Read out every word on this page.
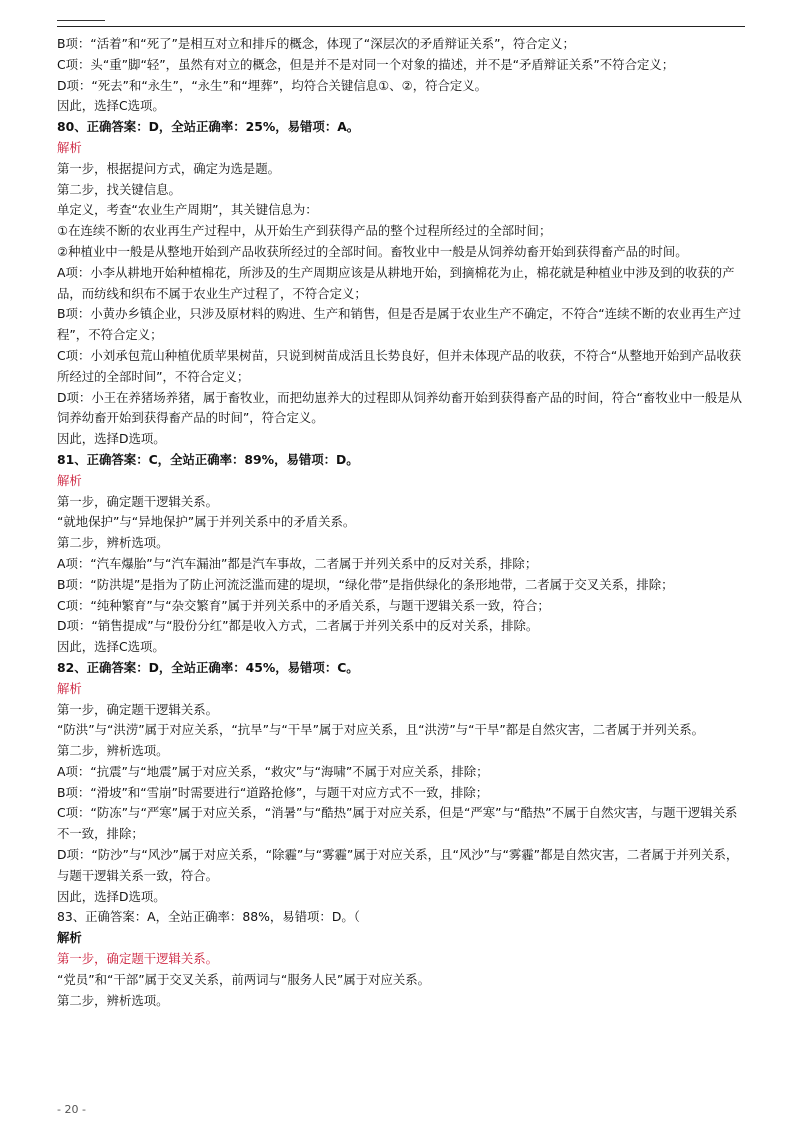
B项：“活着”和“死了”是相互对立和排斥的概念，体现了“深层次的矛盾辩证关系”，符合定义；

C项：头“重”脚“轻”，虽然有对立的概念，但是并不是对同一个对象的描述，并不是“矛盾辩证关系”不符合定义；

D项：“死去”和“永生”，“永生”和“埋葬”，均符合关键信息①、②，符合定义。

因此，选择C选项。

80、正确答案：D，全站正确率：25%，易错项：A。

解析

第一步，根据提问方式，确定为选是题。

第二步，找关键信息。

单定义，考查“农业生产周期”，其关键信息为：

①在连续不断的农业再生产过程中，从开始生产到获得产品的整个过程所经过的全部时间；

②种植业中一般是从整地开始到产品收获所经过的全部时间。畜牧业中一般是从饲养幼畜开始到获得畜产品的时间。

A项：小李从耕地开始种植棉花，所涉及的生产周期应该是从耕地开始，到摘棉花为止，棉花就是种植业中涉及到的收获的产品，而纺线和织布不属于农业生产过程了，不符合定义；

B项：小黄办乡镇企业，只涉及原材料的购进、生产和销售，但是否是属于农业生产不确定，不符合“连续不断的农业再生产过程”，不符合定义；

C项：小刘承包荒山种植优质苹果树苗，只说到树苗成活且长势良好，但并未体现产品的收获，不符合“从整地开始到产品收获所经过的全部时间”，不符合定义；

D项：小王在养猪场养猪，属于畜牧业，而把幼崽养大的过程即从饲养幼畜开始到获得畜产品的时间，符合“畜牧业中一般是从饲养幼畜开始到获得畜产品的时间”，符合定义。

因此，选择D选项。

81、正确答案：C，全站正确率：89%，易错项：D。

解析

第一步，确定题干逻辑关系。

“就地保护”与“异地保护”属于并列关系中的矛盾关系。

第二步，辨析选项。

A项：“汽车爆胎”与“汽车漏油”都是汽车事故，二者属于并列关系中的反对关系，排除；

B项：“防洪堤”是指为了防止河流泛滥而建的堤坝，“绿化带”是指供绿化的条形地带，二者属于交叉关系，排除；

C项：“纯种繁育”与“杂交繁育”属于并列关系中的矛盾关系，与题干逻辑关系一致，符合；

D项：“销售提成”与“股份分红”都是收入方式，二者属于并列关系中的反对关系，排除。

因此，选择C选项。

82、正确答案：D，全站正确率：45%，易错项：C。

解析

第一步，确定题干逻辑关系。

“防洪”与“洪涝”属于对应关系，“抗旱”与“干旱”属于对应关系，且“洪涝”与“干旱”都是自然灾害，二者属于并列关系。

第二步，辨析选项。

A项：“抗震”与“地震”属于对应关系，“救灾”与“海啸”不属于对应关系，排除；

B项：“滑坡”和“雪崩”时需要进行“道路抢修”，与题干对应方式不一致，排除；

C项：“防冻”与“严寒”属于对应关系，“消暑”与“酷热”属于对应关系，但是“严寒”与“酷热”不属于自然灾害，与题干逻辑关系不一致，排除；

D项：“防沙”与“风沙”属于对应关系，“除霾”与“雾霾”属于对应关系，且“风沙”与“雾霾”都是自然灾害，二者属于并列关系，与题干逻辑关系一致，符合。

因此，选择D选项。

83、正确答案：A，全站正确率：88%，易错项：D。（

解析

第一步，确定题干逻辑关系。

“党员”和“干部”属于交叉关系，前两词与“服务人民”属于对应关系。

第二步，辨析选项。

- 20 -
